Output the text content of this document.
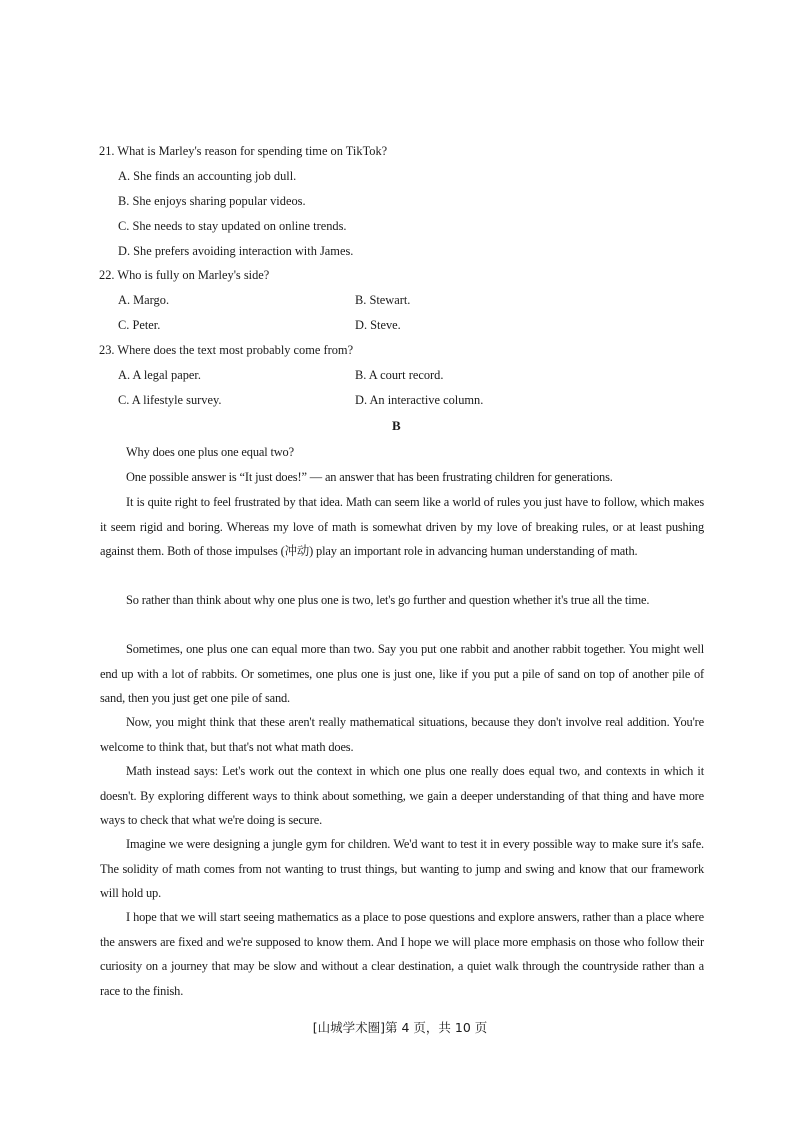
21. What is Marley's reason for spending time on TikTok?
A. She finds an accounting job dull.
B. She enjoys sharing popular videos.
C. She needs to stay updated on online trends.
D. She prefers avoiding interaction with James.
22. Who is fully on Marley's side?
A. Margo.	B. Stewart.
C. Peter.	D. Steve.
23. Where does the text most probably come from?
A. A legal paper.	B. A court record.
C. A lifestyle survey.	D. An interactive column.
B
Why does one plus one equal two?
One possible answer is “It just does!” — an answer that has been frustrating children for generations.
It is quite right to feel frustrated by that idea. Math can seem like a world of rules you just have to follow, which makes it seem rigid and boring. Whereas my love of math is somewhat driven by my love of breaking rules, or at least pushing against them. Both of those impulses (冲动) play an important role in advancing human understanding of math.
So rather than think about why one plus one is two, let's go further and question whether it's true all the time.
Sometimes, one plus one can equal more than two. Say you put one rabbit and another rabbit together. You might well end up with a lot of rabbits. Or sometimes, one plus one is just one, like if you put a pile of sand on top of another pile of sand, then you just get one pile of sand.
Now, you might think that these aren't really mathematical situations, because they don't involve real addition. You're welcome to think that, but that's not what math does.
Math instead says: Let's work out the context in which one plus one really does equal two, and contexts in which it doesn't. By exploring different ways to think about something, we gain a deeper understanding of that thing and have more ways to check that what we're doing is secure.
Imagine we were designing a jungle gym for children. We'd want to test it in every possible way to make sure it's safe. The solidity of math comes from not wanting to trust things, but wanting to jump and swing and know that our framework will hold up.
I hope that we will start seeing mathematics as a place to pose questions and explore answers, rather than a place where the answers are fixed and we're supposed to know them. And I hope we will place more emphasis on those who follow their curiosity on a journey that may be slow and without a clear destination, a quiet walk through the countryside rather than a race to the finish.
[山城学术圈]第 4 页，共 10 页
